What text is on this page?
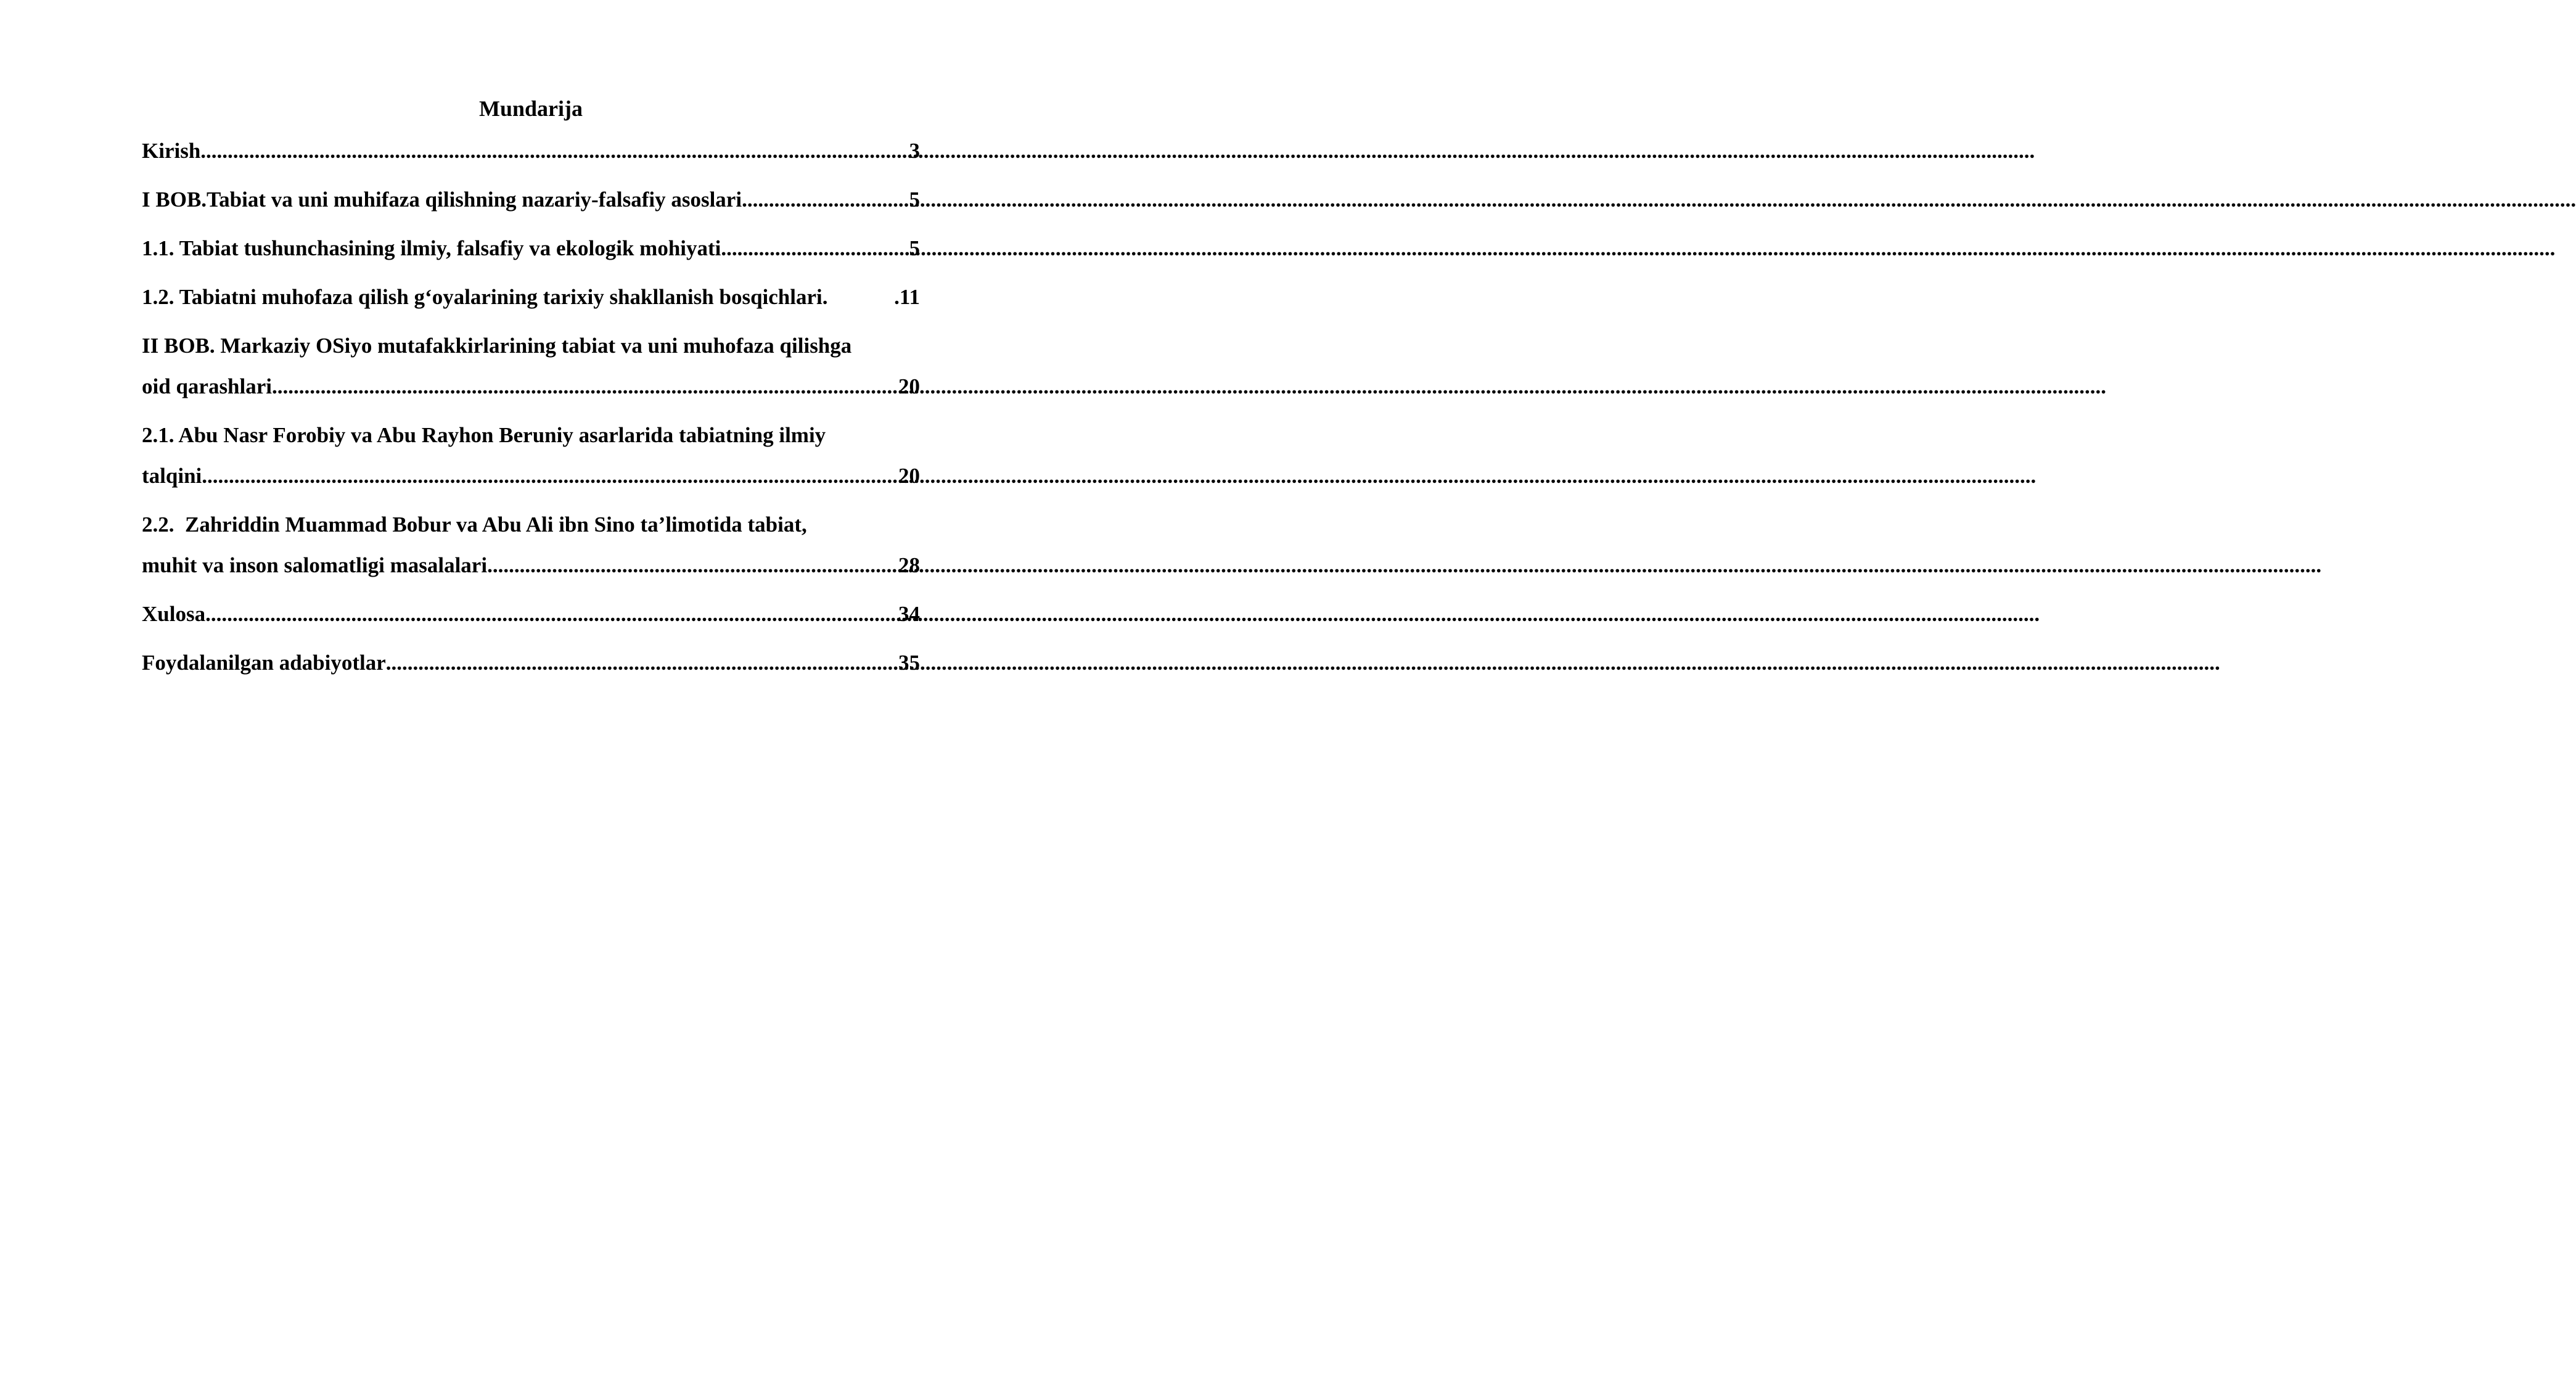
Mundarija
Kirish .....	3
I BOB.Tabiat va uni muhifaza qilishning nazariy-falsafiy asoslari .....	5
1.1. Tabiat tushunchasining ilmiy, falsafiy va ekologik mohiyati .....	5
1.2. Tabiatni muhofaza qilish g‘oyalarining tarixiy shakllanish bosqichlari.	.11
II BOB. Markaziy OSiyo mutafakkirlarining tabiat va uni muhofaza qilishga
oid qarashlari .....	20
2.1. Abu Nasr Forobiy va Abu Rayhon Beruniy asarlarida tabiatning ilmiy
talqini .....	20
2.2.  Zahriddin Muammad Bobur va Abu Ali ibn Sino ta’limotida tabiat,
muhit va inson salomatligi masalalari .....	28
Xulosa .....	34
Foydalanilgan adabiyotlar .....	35
